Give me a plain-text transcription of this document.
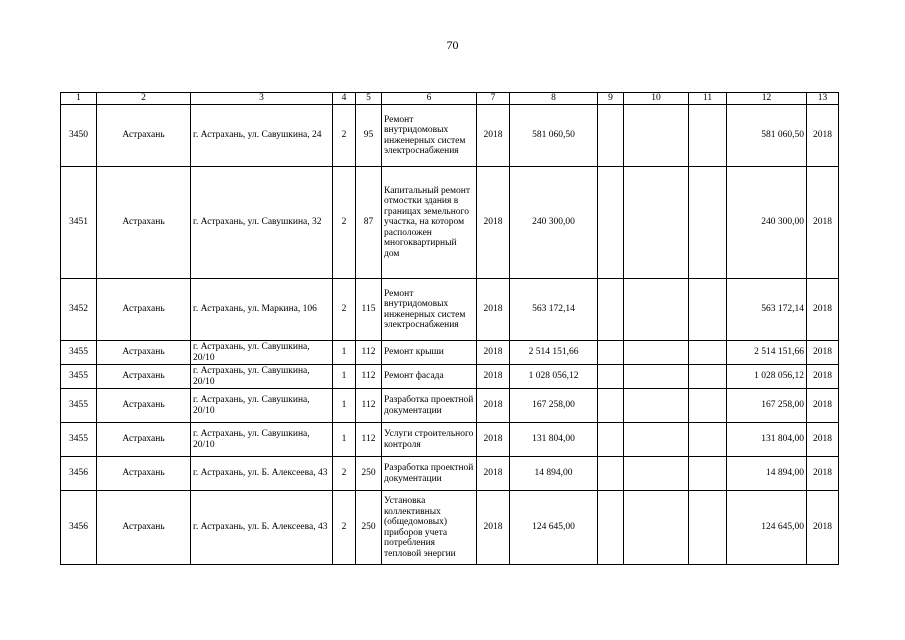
70
1	2	3	4	5	6	7	8	9	10	11	12	13
3450	Астрахань	г. Астрахань, ул. Савушкина, 24	2	95	Ремонт внутридомовых инженерных систем электроснабжения	2018	581 060,50				581 060,50	2018
3451	Астрахань	г. Астрахань, ул. Савушкина, 32	2	87	Капитальный ремонт отмостки здания в границах земельного участка, на котором расположен многоквартирный дом	2018	240 300,00				240 300,00	2018
3452	Астрахань	г. Астрахань, ул. Маркина, 106	2	115	Ремонт внутридомовых инженерных систем электроснабжения	2018	563 172,14				563 172,14	2018
3455	Астрахань	г. Астрахань, ул. Савушкина, 20/10	1	112	Ремонт крыши	2018	2 514 151,66				2 514 151,66	2018
3455	Астрахань	г. Астрахань, ул. Савушкина, 20/10	1	112	Ремонт фасада	2018	1 028 056,12				1 028 056,12	2018
3455	Астрахань	г. Астрахань, ул. Савушкина, 20/10	1	112	Разработка проектной документации	2018	167 258,00				167 258,00	2018
3455	Астрахань	г. Астрахань, ул. Савушкина, 20/10	1	112	Услуги строительного контроля	2018	131 804,00				131 804,00	2018
3456	Астрахань	г. Астрахань, ул. Б. Алексеева, 43	2	250	Разработка проектной документации	2018	14 894,00				14 894,00	2018
3456	Астрахань	г. Астрахань, ул. Б. Алексеева, 43	2	250	Установка коллективных (общедомовых) приборов учета потребления тепловой энергии	2018	124 645,00				124 645,00	2018
